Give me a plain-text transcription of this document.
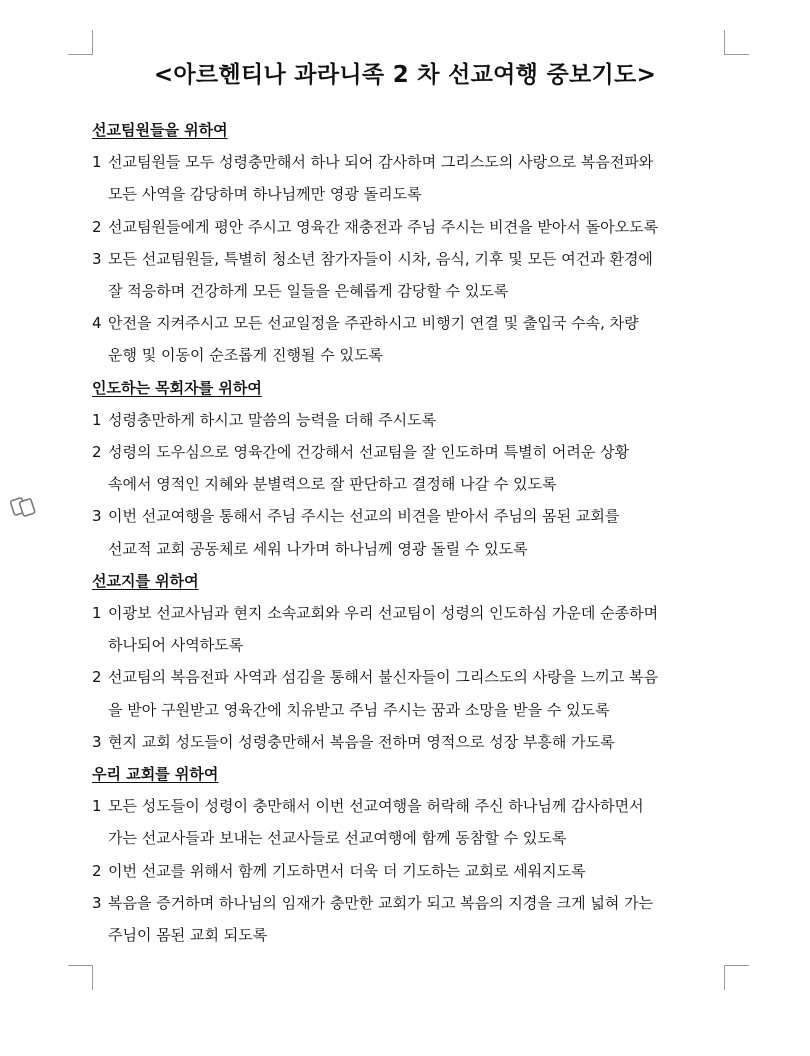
<아르헨티나 과라니족 2 차 선교여행 중보기도>
선교팀원들을 위하여
1 선교팀원들 모두 성령충만해서 하나 되어 감사하며 그리스도의 사랑으로 복음전파와
모든 사역을 감당하며 하나님께만 영광 돌리도록
2 선교팀원들에게 평안 주시고 영육간 재충전과 주님 주시는 비견을 받아서 돌아오도록
3 모든 선교팀원들, 특별히 청소년 참가자들이 시차, 음식, 기후 및 모든 여건과 환경에
잘 적응하며 건강하게 모든 일들을 은혜롭게 감당할 수 있도록
4 안전을 지켜주시고 모든 선교일정을 주관하시고 비행기 연결 및 출입국 수속, 차량
운행 및 이동이 순조롭게 진행될 수 있도록
인도하는 목회자를 위하여
1 성령충만하게 하시고 말씀의 능력을 더해 주시도록
2 성령의 도우심으로 영육간에 건강해서 선교팀을 잘 인도하며 특별히 어려운 상황
속에서 영적인 지혜와 분별력으로 잘 판단하고 결정해 나갈 수 있도록
3 이번 선교여행을 통해서 주님 주시는 선교의 비견을 받아서 주님의 몸된 교회를
선교적 교회 공동체로 세워 나가며 하나님께 영광 돌릴 수 있도록
선교지를 위하여
1 이광보 선교사님과 현지 소속교회와 우리 선교팀이 성령의 인도하심 가운데 순종하며
하나되어 사역하도록
2 선교팀의 복음전파 사역과 섬김을 통해서 불신자들이 그리스도의 사랑을 느끼고 복음
을 받아 구원받고 영육간에 치유받고 주님 주시는 꿈과 소망을 받을 수 있도록
3 현지 교회 성도들이 성령충만해서 복음을 전하며 영적으로 성장 부흥해 가도록
우리 교회를 위하여
1 모든 성도들이 성령이 충만해서 이번 선교여행을 허락해 주신 하나님께 감사하면서
가는 선교사들과 보내는 선교사들로 선교여행에 함께 동참할 수 있도록
2 이번 선교를 위해서 함께 기도하면서 더욱 더 기도하는 교회로 세워지도록
3 복음을 증거하며 하나님의 임재가 충만한 교회가 되고 복음의 지경을 크게 넓혀 가는
주님이 몸된 교회 되도록
